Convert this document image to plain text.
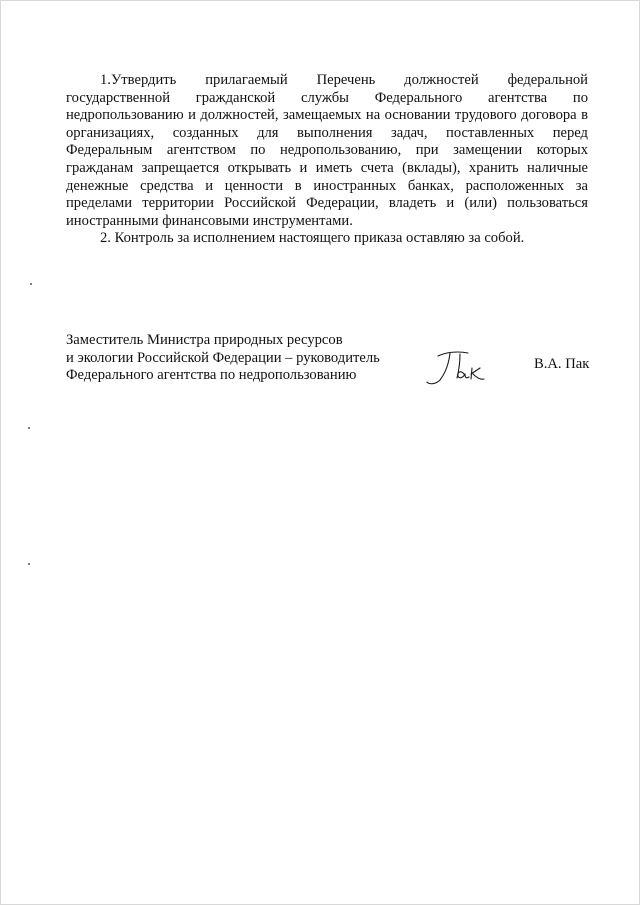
1.Утвердить прилагаемый Перечень должностей федеральной государственной гражданской службы Федерального агентства по недропользованию и должностей, замещаемых на основании трудового договора в организациях, созданных для выполнения задач, поставленных перед Федеральным агентством по недропользованию, при замещении которых гражданам запрещается открывать и иметь счета (вклады), хранить наличные денежные средства и ценности в иностранных банках, расположенных за пределами территории Российской Федерации, владеть и (или) пользоваться иностранными финансовыми инструментами.

2. Контроль за исполнением настоящего приказа оставляю за собой.

Заместитель Министра природных ресурсов
и экологии Российской Федерации – руководитель
Федерального агентства по недропользованию
В.А. Пак
